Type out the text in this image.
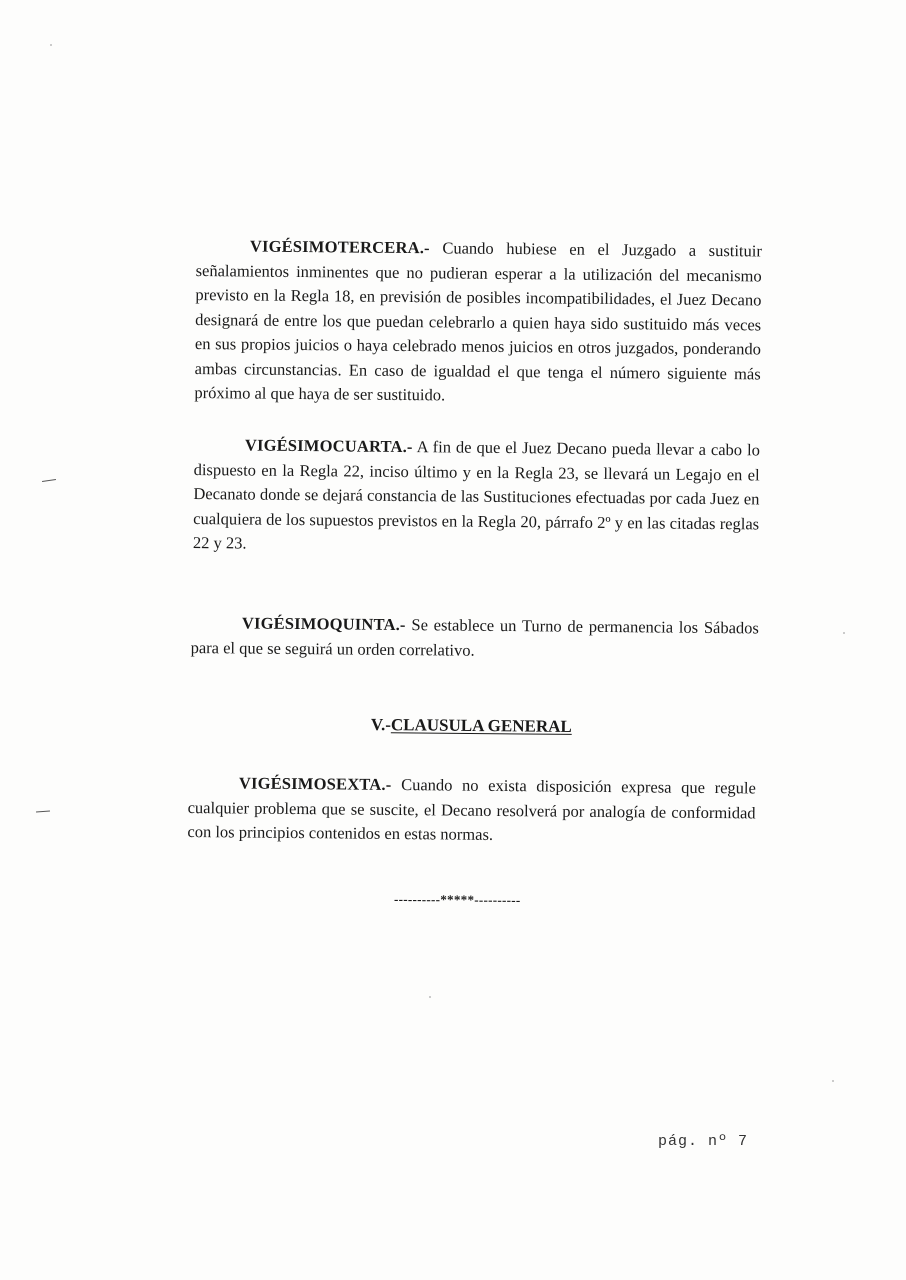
VIGÉSIMOTERCERA.- Cuando hubiese en el Juzgado a sustituir señalamientos inminentes que no pudieran esperar a la utilización del mecanismo previsto en la Regla 18, en previsión de posibles incompatibilidades, el Juez Decano designará de entre los que puedan celebrarlo a quien haya sido sustituido más veces en sus propios juicios o haya celebrado menos juicios en otros juzgados, ponderando ambas circunstancias. En caso de igualdad el que tenga el número siguiente más próximo al que haya de ser sustituido.

VIGÉSIMOCUARTA.- A fin de que el Juez Decano pueda llevar a cabo lo dispuesto en la Regla 22, inciso último y en la Regla 23, se llevará un Legajo en el Decanato donde se dejará constancia de las Sustituciones efectuadas por cada Juez en cualquiera de los supuestos previstos en la Regla 20, párrafo 2º y en las citadas reglas 22 y 23.

VIGÉSIMOQUINTA.- Se establece un Turno de permanencia los Sábados para el que se seguirá un orden correlativo.

V.-CLAUSULA GENERAL

VIGÉSIMOSEXTA.- Cuando no exista disposición expresa que regule cualquier problema que se suscite, el Decano resolverá por analogía de conformidad con los principios contenidos en estas normas.

----------*****----------
pág. nº 7
